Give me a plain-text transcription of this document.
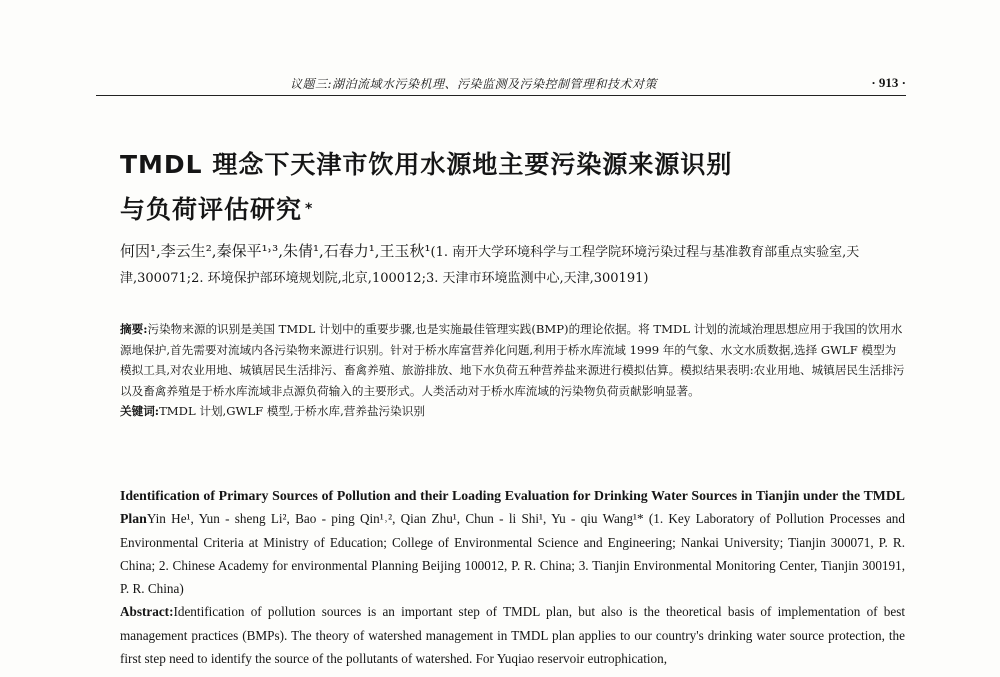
议题三:湖泊流域水污染机理、污染监测及污染控制管理和技术对策	· 913 ·
TMDL 理念下天津市饮用水源地主要污染源来源识别
与负荷评估研究 *
何因¹,李云生²,秦保平¹˒³,朱倩¹,石春力¹,王玉秋¹(1. 南开大学环境科学与工程学院环境污染过程与基准教育部重点实验室,天津,300071;2. 环境保护部环境规划院,北京,100012;3. 天津市环境监测中心,天津,300191)
摘要:污染物来源的识别是美国 TMDL 计划中的重要步骤,也是实施最佳管理实践(BMP)的理论依据。将 TMDL 计划的流域治理思想应用于我国的饮用水源地保护,首先需要对流域内各污染物来源进行识别。针对于桥水库富营养化问题,利用于桥水库流域 1999 年的气象、水文水质数据,选择 GWLF 模型为模拟工具,对农业用地、城镇居民生活排污、畜禽养殖、旅游排放、地下水负荷五种营养盐来源进行模拟估算。模拟结果表明:农业用地、城镇居民生活排污以及畜禽养殖是于桥水库流域非点源负荷输入的主要形式。人类活动对于桥水库流域的污染物负荷贡献影响显著。
关键词:TMDL 计划,GWLF 模型,于桥水库,营养盐污染识别

Identification of Primary Sources of Pollution and their Loading Evaluation for Drinking Water Sources in Tianjin under the TMDL PlanYin He¹, Yun - sheng Li², Bao - ping Qin¹˒², Qian Zhu¹, Chun - li Shi¹, Yu - qiu Wang¹* (1. Key Laboratory of Pollution Processes and Environmental Criteria at Ministry of Education; College of Environmental Science and Engineering; Nankai University; Tianjin 300071, P. R. China; 2. Chinese Academy for environmental Planning Beijing 100012, P. R. China; 3. Tianjin Environmental Monitoring Center, Tianjin 300191, P. R. China)

Abstract:Identification of pollution sources is an important step of TMDL plan, but also is the theoretical basis of implementation of best management practices (BMPs). The theory of watershed management in TMDL plan applies to our country's drinking water source protection, the first step need to identify the source of the pollutants of watershed. For Yuqiao reservoir eutrophication,
